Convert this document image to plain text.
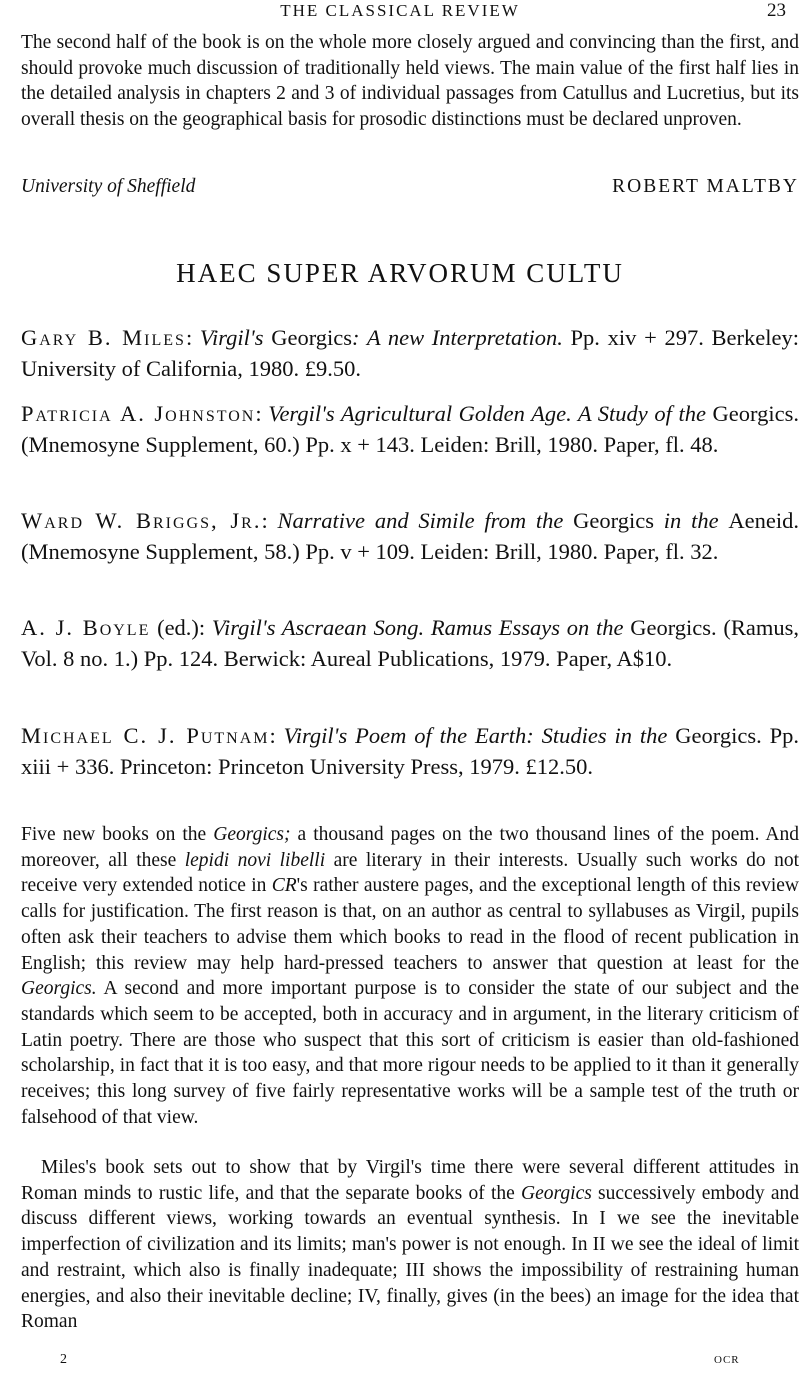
THE CLASSICAL REVIEW	23

The second half of the book is on the whole more closely argued and convincing than the first, and should provoke much discussion of traditionally held views. The main value of the first half lies in the detailed analysis in chapters 2 and 3 of individual passages from Catullus and Lucretius, but its overall thesis on the geographical basis for prosodic distinctions must be declared unproven.

University of Sheffield	ROBERT MALTBY
HAEC SUPER ARVORUM CULTU

Gary B. Miles: Virgil's Georgics: A new Interpretation. Pp. xiv + 297. Berkeley: University of California, 1980. £9.50.

Patricia A. Johnston: Vergil's Agricultural Golden Age. A Study of the Georgics. (Mnemosyne Supplement, 60.) Pp. x + 143. Leiden: Brill, 1980. Paper, fl. 48.

Ward W. Briggs, Jr.: Narrative and Simile from the Georgics in the Aeneid. (Mnemosyne Supplement, 58.) Pp. v + 109. Leiden: Brill, 1980. Paper, fl. 32.

A. J. Boyle (ed.): Virgil's Ascraean Song. Ramus Essays on the Georgics. (Ramus, Vol. 8 no. 1.) Pp. 124. Berwick: Aureal Publications, 1979. Paper, A$10.

Michael C. J. Putnam: Virgil's Poem of the Earth: Studies in the Georgics. Pp. xiii + 336. Princeton: Princeton University Press, 1979. £12.50.

Five new books on the Georgics; a thousand pages on the two thousand lines of the poem. And moreover, all these lepidi novi libelli are literary in their interests. Usually such works do not receive very extended notice in CR's rather austere pages, and the exceptional length of this review calls for justification. The first reason is that, on an author as central to syllabuses as Virgil, pupils often ask their teachers to advise them which books to read in the flood of recent publication in English; this review may help hard-pressed teachers to answer that question at least for the Georgics. A second and more important purpose is to consider the state of our subject and the standards which seem to be accepted, both in accuracy and in argument, in the literary criticism of Latin poetry. There are those who suspect that this sort of criticism is easier than old-fashioned scholarship, in fact that it is too easy, and that more rigour needs to be applied to it than it generally receives; this long survey of five fairly representative works will be a sample test of the truth or falsehood of that view.

Miles's book sets out to show that by Virgil's time there were several different attitudes in Roman minds to rustic life, and that the separate books of the Georgics successively embody and discuss different views, working towards an eventual synthesis. In I we see the inevitable imperfection of civilization and its limits; man's power is not enough. In II we see the ideal of limit and restraint, which also is finally inadequate; III shows the impossibility of restraining human energies, and also their inevitable decline; IV, finally, gives (in the bees) an image for the idea that Roman

2	OCR
